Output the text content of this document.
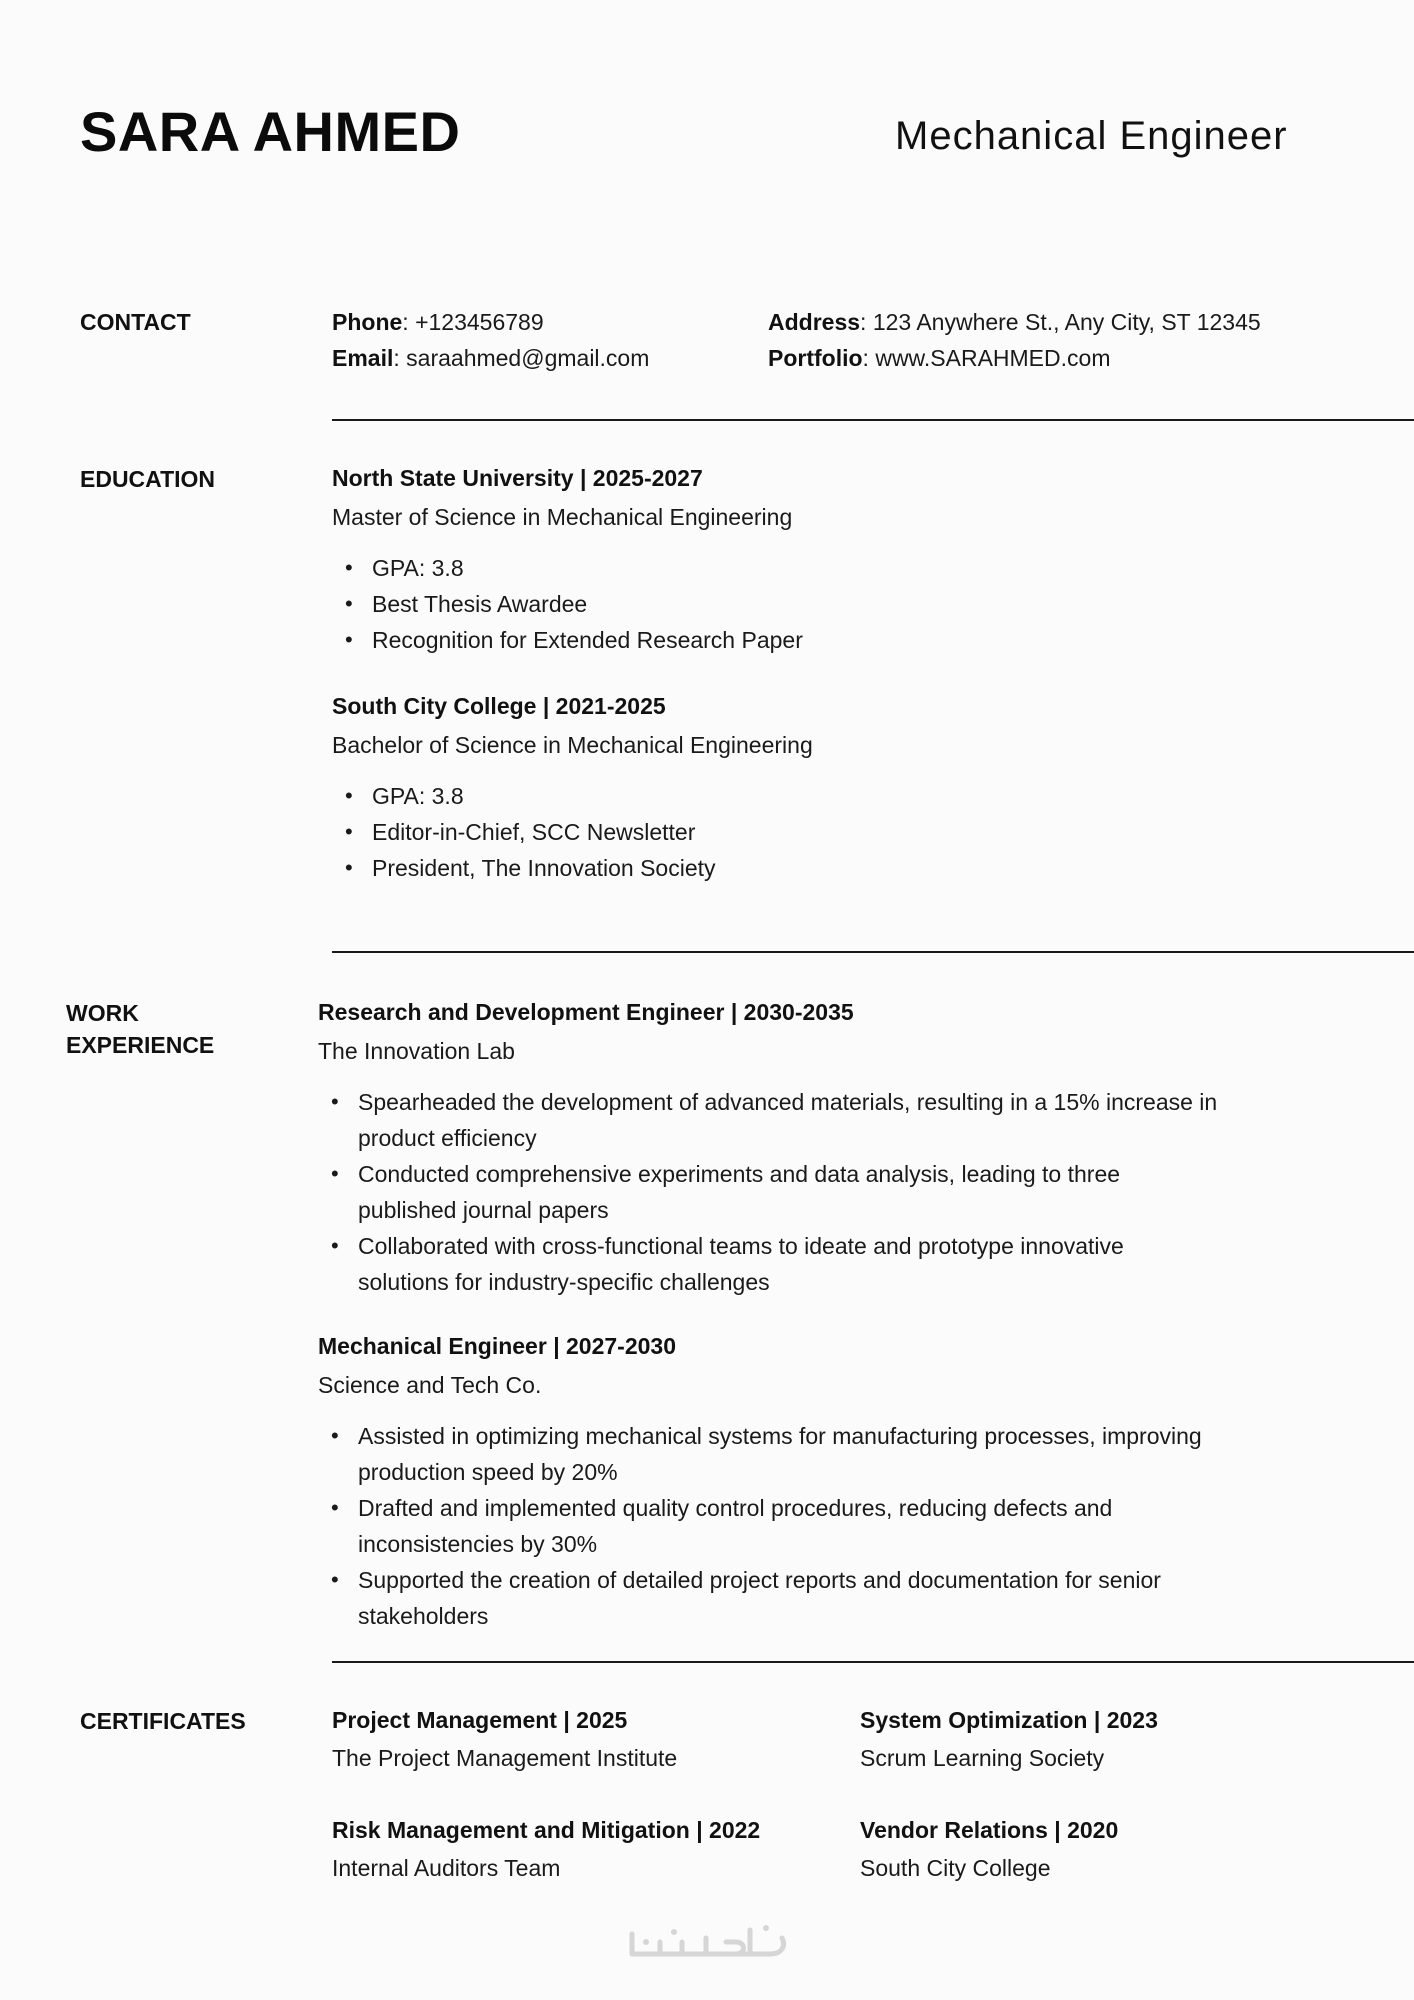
SARA AHMED	Mechanical Engineer
CONTACT	Phone: +123456789
Email: saraahmed@gmail.com
Address: 123 Anywhere St., Any City, ST 12345
Portfolio: www.SARAHMED.com
EDUCATION	North State University | 2025-2027
Master of Science in Mechanical Engineering
• GPA: 3.8
• Best Thesis Awardee
• Recognition for Extended Research Paper
South City College | 2021-2025
Bachelor of Science in Mechanical Engineering
• GPA: 3.8
• Editor-in-Chief, SCC Newsletter
• President, The Innovation Society
WORK
EXPERIENCE
Research and Development Engineer | 2030-2035
The Innovation Lab
• Spearheaded the development of advanced materials, resulting in a 15% increase in
product efficiency
• Conducted comprehensive experiments and data analysis, leading to three
published journal papers
• Collaborated with cross-functional teams to ideate and prototype innovative
solutions for industry-specific challenges
Mechanical Engineer | 2027-2030
Science and Tech Co.
• Assisted in optimizing mechanical systems for manufacturing processes, improving
production speed by 20%
• Drafted and implemented quality control procedures, reducing defects and
inconsistencies by 30%
• Supported the creation of detailed project reports and documentation for senior
stakeholders
CERTIFICATES	Project Management | 2025
The Project Management Institute
System Optimization | 2023
Scrum Learning Society
Risk Management and Mitigation | 2022
Internal Auditors Team
Vendor Relations | 2020
South City College
